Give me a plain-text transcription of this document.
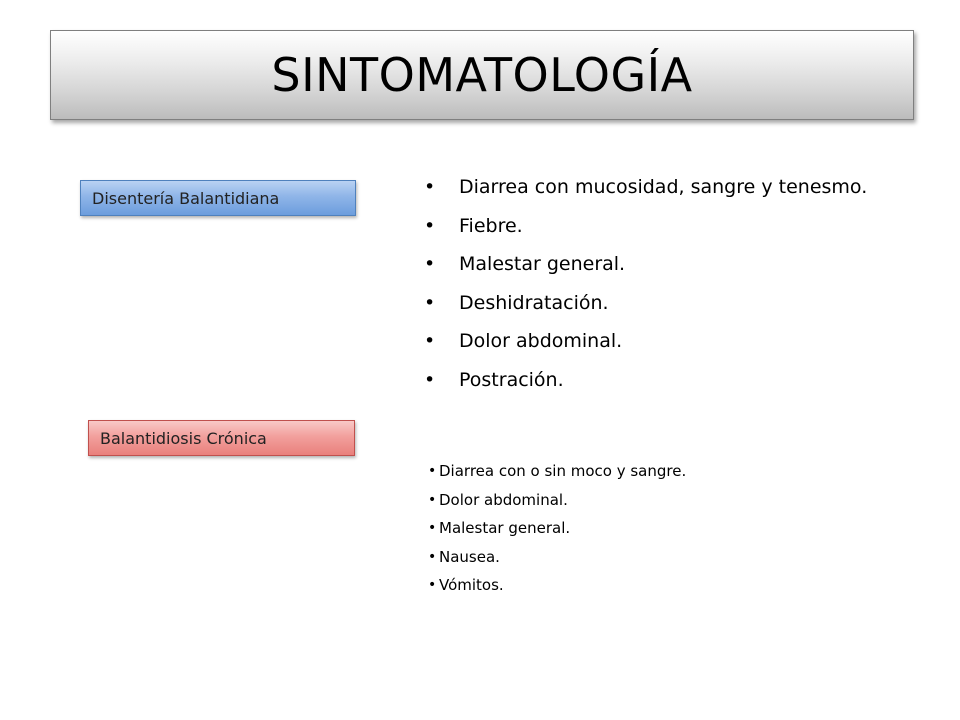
SINTOMATOLOGÍA
Disentería Balantidiana	• Diarrea con mucosidad, sangre y tenesmo.
• Fiebre.
• Malestar general.
• Deshidratación.
• Dolor abdominal.
• Postración.
Balantidiosis Crónica
• Diarrea con o sin moco y sangre.
• Dolor abdominal.
• Malestar general.
• Nausea.
• Vómitos.
